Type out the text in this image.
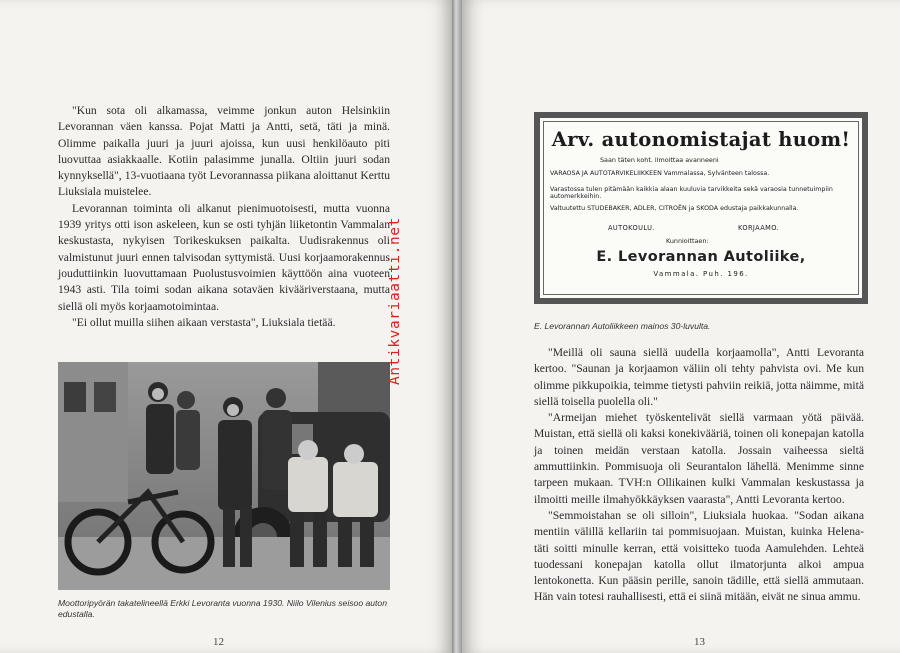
"Kun sota oli alkamassa, veimme jonkun auton Helsinkiin Levorannan väen kanssa. Pojat Matti ja Antti, setä, täti ja minä. Olimme paikalla juuri ja juuri ajoissa, kun uusi henkilöauto piti luovuttaa asiakkaalle. Kotiin palasimme junalla. Oltiin juuri sodan kynnyksellä", 13-vuotiaana työt Levorannassa piikana aloittanut Kerttu Liuksiala muistelee.

Levorannan toiminta oli alkanut pienimuotoisesti, mutta vuonna 1939 yritys otti ison askeleen, kun se osti tyhjän liiketontin Vammalan keskustasta, nykyisen Torikeskuksen paikalta. Uudisrakennus oli valmistunut juuri ennen talvisodan syttymistä. Uusi korjaamorakennus jouduttiinkin luovuttamaan Puolustusvoimien käyttöön aina vuoteen 1943 asti. Tila toimi sodan aikana sotaväen kivääriverstaana, mutta siellä oli myös korjaamotoimintaa.

"Ei ollut muilla siihen aikaan verstasta", Liuksiala tietää.

Moottoripyörän takatelineellä Erkki Levoranta vuonna 1930. Niilo Vilenius seisoo auton edustalla.
12
Arv. autonomistajat huom!
Saan täten koht. ilmoittaa avanneeni
VARAOSA JA AUTOTARVIKELIIKKEEN Vammalassa, Sylvänteen talossa.
Varastossa tulen pitämään kaikkia alaan kuuluvia tarvikkeita sekä varaosia tunnetuimpiin automerkkeihin.
Valtuutettu STUDEBAKER, ADLER, CITROËN ja SKODA edustaja paikkakunnalla.
AUTOKOULU.	KORJAAMO.
Kunnioittaen:
E. Levorannan Autoliike,
Vammala. Puh. 196.
E. Levorannan Autoliikkeen mainos 30-luvulta.

"Meillä oli sauna siellä uudella korjaamolla", Antti Levoranta kertoo. "Saunan ja korjaamon väliin oli tehty pahvista ovi. Me kun olimme pikkupoikia, teimme tietysti pahviin reikiä, jotta näimme, mitä siellä toisella puolella oli."

"Armeijan miehet työskentelivät siellä varmaan yötä päivää. Muistan, että siellä oli kaksi konekivääriä, toinen oli konepajan katolla ja toinen meidän verstaan katolla. Jossain vaiheessa sieltä ammuttiinkin. Pommisuoja oli Seurantalon lähellä. Menimme sinne tarpeen mukaan. TVH:n Ollikainen kulki Vammalan keskustassa ja ilmoitti meille ilmahyökkäyksen vaarasta", Antti Levoranta kertoo.

"Semmoistahan se oli silloin", Liuksiala huokaa. "Sodan aikana mentiin välillä kellariin tai pommisuojaan. Muistan, kuinka Helena-täti soitti minulle kerran, että voisitteko tuoda Aamulehden. Lehteä tuodessani konepajan katolla ollut ilmatorjunta alkoi ampua lentokonetta. Kun pääsin perille, sanoin tädille, että siellä ammutaan. Hän vain totesi rauhallisesti, että ei siinä mitään, eivät ne sinua ammu.

13
Antikvariaatti.net
